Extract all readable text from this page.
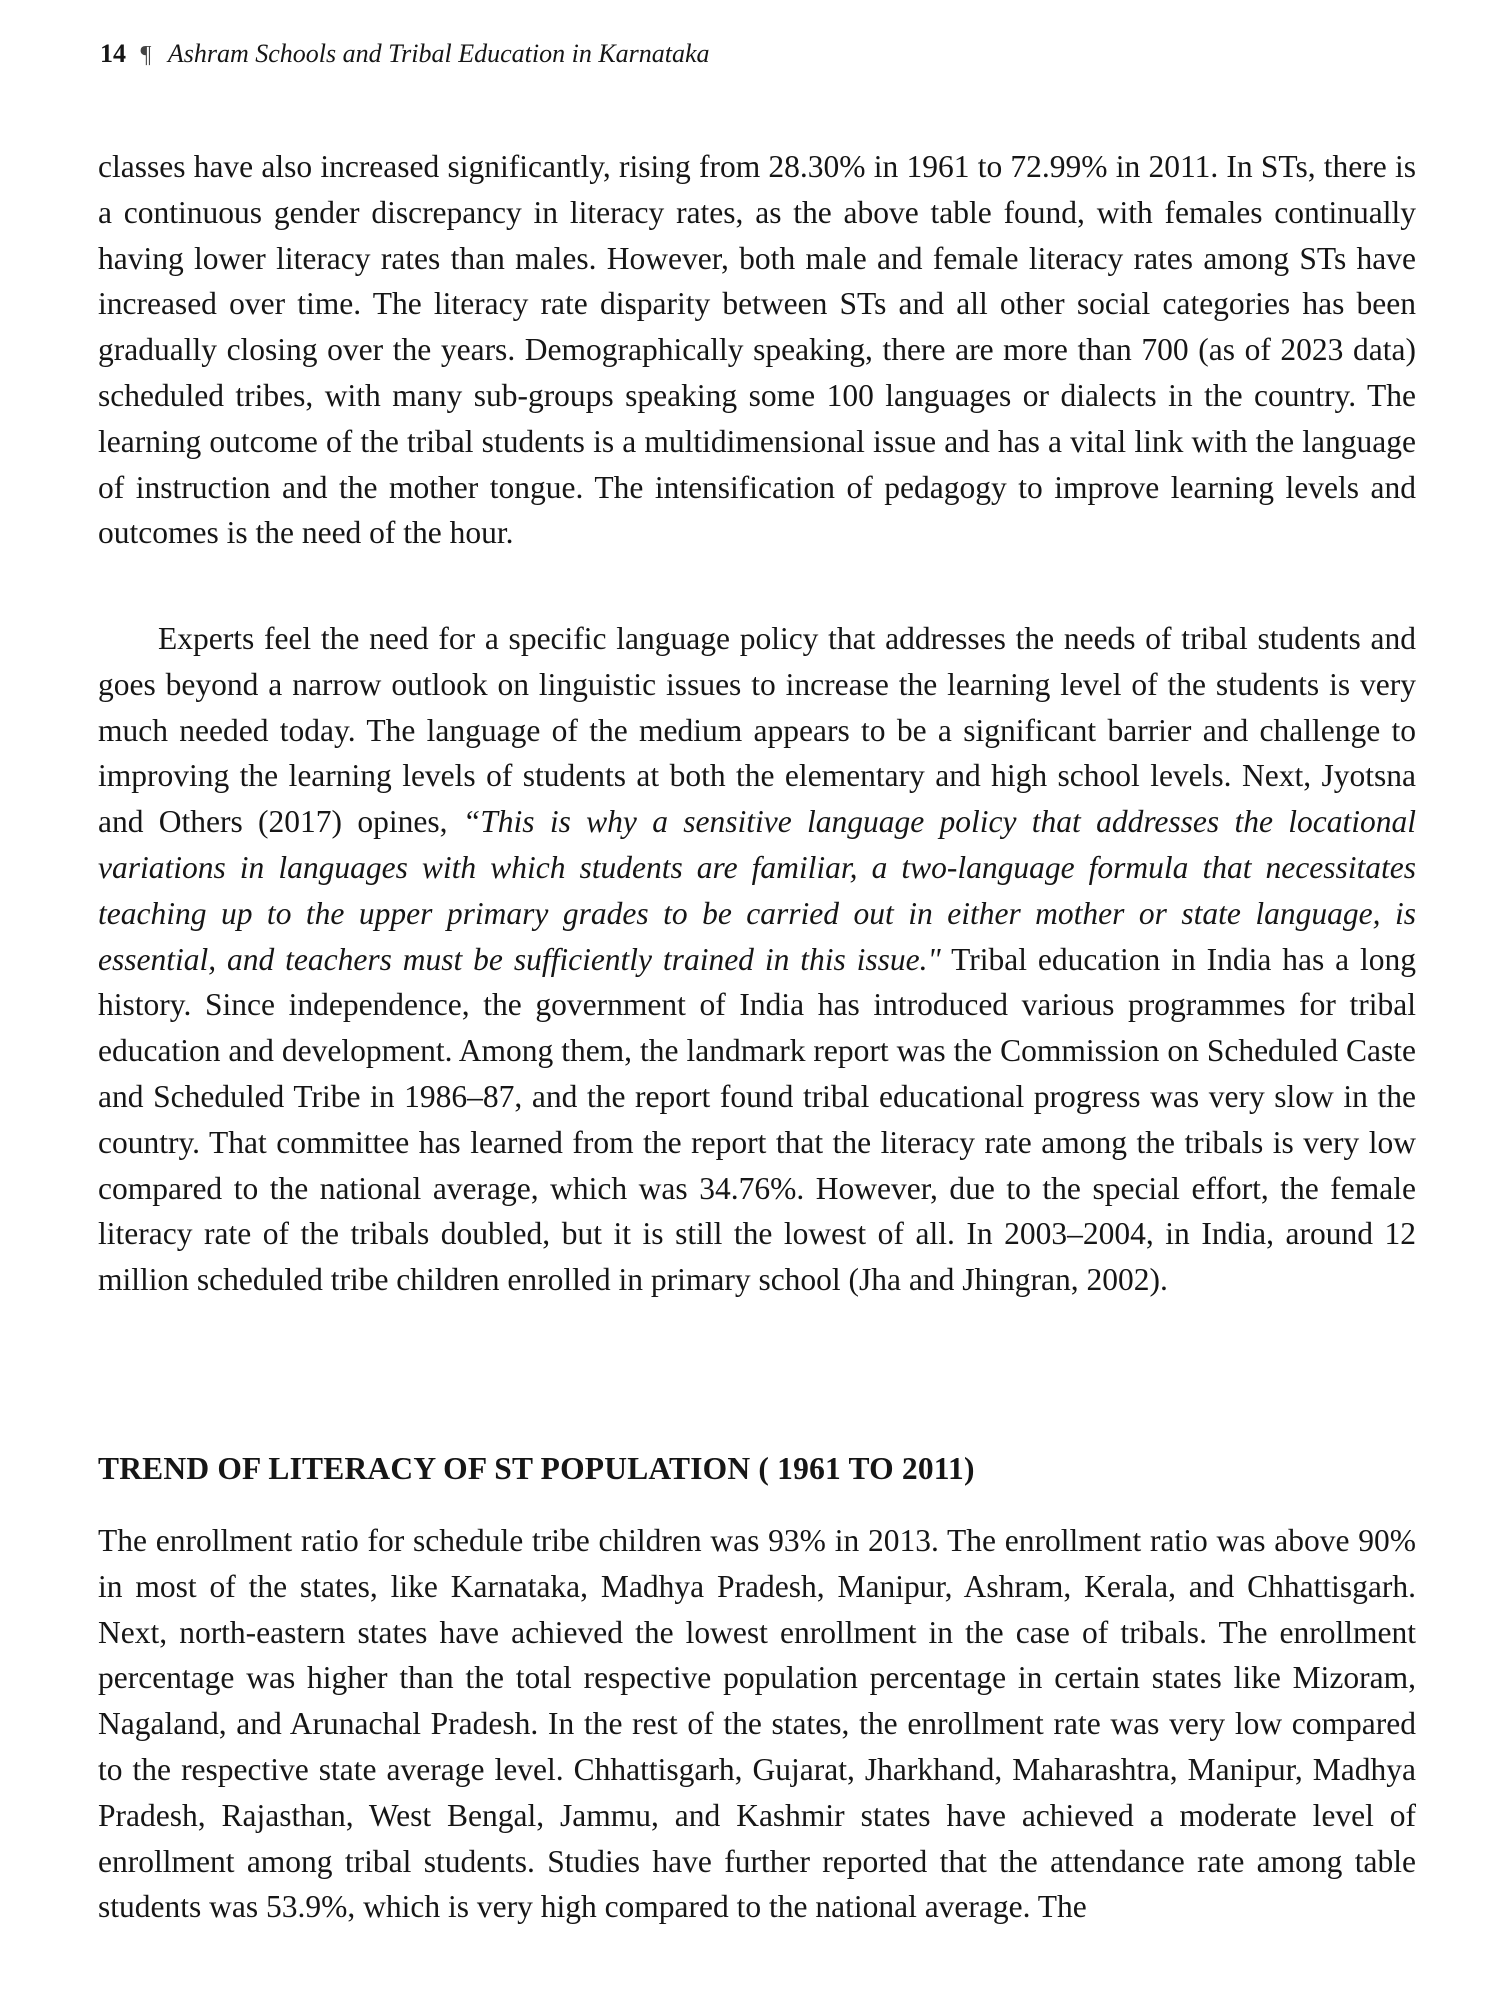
14 ¶ Ashram Schools and Tribal Education in Karnataka

classes have also increased significantly, rising from 28.30% in 1961 to 72.99% in 2011. In STs, there is a continuous gender discrepancy in literacy rates, as the above table found, with females continually having lower literacy rates than males. However, both male and female literacy rates among STs have increased over time. The literacy rate disparity between STs and all other social categories has been gradually closing over the years. Demographically speaking, there are more than 700 (as of 2023 data) scheduled tribes, with many sub-groups speaking some 100 languages or dialects in the country. The learning outcome of the tribal students is a multidimensional issue and has a vital link with the language of instruction and the mother tongue. The intensification of pedagogy to improve learning levels and outcomes is the need of the hour.

Experts feel the need for a specific language policy that addresses the needs of tribal students and goes beyond a narrow outlook on linguistic issues to increase the learning level of the students is very much needed today. The language of the medium appears to be a significant barrier and challenge to improving the learning levels of students at both the elementary and high school levels. Next, Jyotsna and Others (2017) opines, “This is why a sensitive language policy that addresses the locational variations in languages with which students are familiar, a two-language formula that necessitates teaching up to the upper primary grades to be carried out in either mother or state language, is essential, and teachers must be sufficiently trained in this issue." Tribal education in India has a long history. Since independence, the government of India has introduced various programmes for tribal education and development. Among them, the landmark report was the Commission on Scheduled Caste and Scheduled Tribe in 1986–87, and the report found tribal educational progress was very slow in the country. That committee has learned from the report that the literacy rate among the tribals is very low compared to the national average, which was 34.76%. However, due to the special effort, the female literacy rate of the tribals doubled, but it is still the lowest of all. In 2003–2004, in India, around 12 million scheduled tribe children enrolled in primary school (Jha and Jhingran, 2002).

TREND OF LITERACY OF ST POPULATION ( 1961 TO 2011)

The enrollment ratio for schedule tribe children was 93% in 2013. The enrollment ratio was above 90% in most of the states, like Karnataka, Madhya Pradesh, Manipur, Ashram, Kerala, and Chhattisgarh. Next, north-eastern states have achieved the lowest enrollment in the case of tribals. The enrollment percentage was higher than the total respective population percentage in certain states like Mizoram, Nagaland, and Arunachal Pradesh. In the rest of the states, the enrollment rate was very low compared to the respective state average level. Chhattisgarh, Gujarat, Jharkhand, Maharashtra, Manipur, Madhya Pradesh, Rajasthan, West Bengal, Jammu, and Kashmir states have achieved a moderate level of enrollment among tribal students. Studies have further reported that the attendance rate among table students was 53.9%, which is very high compared to the national average. The
